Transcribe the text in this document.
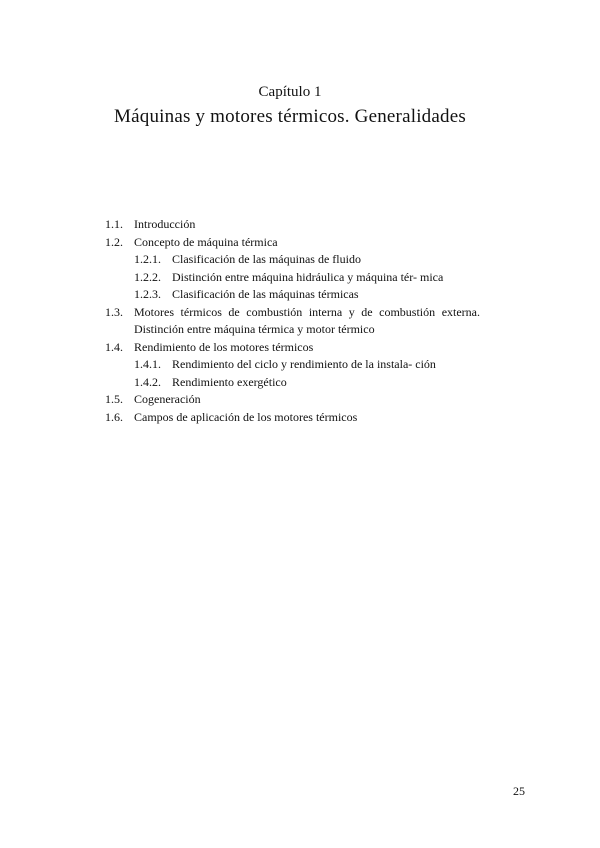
Capítulo 1
Máquinas y motores térmicos. Generalidades
1.1. Introducción
1.2. Concepto de máquina térmica
1.2.1. Clasificación de las máquinas de fluido
1.2.2. Distinción entre máquina hidráulica y máquina tér- mica
1.2.3. Clasificación de las máquinas térmicas
1.3. Motores térmicos de combustión interna y de combustión externa. Distinción entre máquina térmica y motor térmico
1.4. Rendimiento de los motores térmicos
1.4.1. Rendimiento del ciclo y rendimiento de la instala- ción
1.4.2. Rendimiento exergético
1.5. Cogeneración
1.6. Campos de aplicación de los motores térmicos
25
